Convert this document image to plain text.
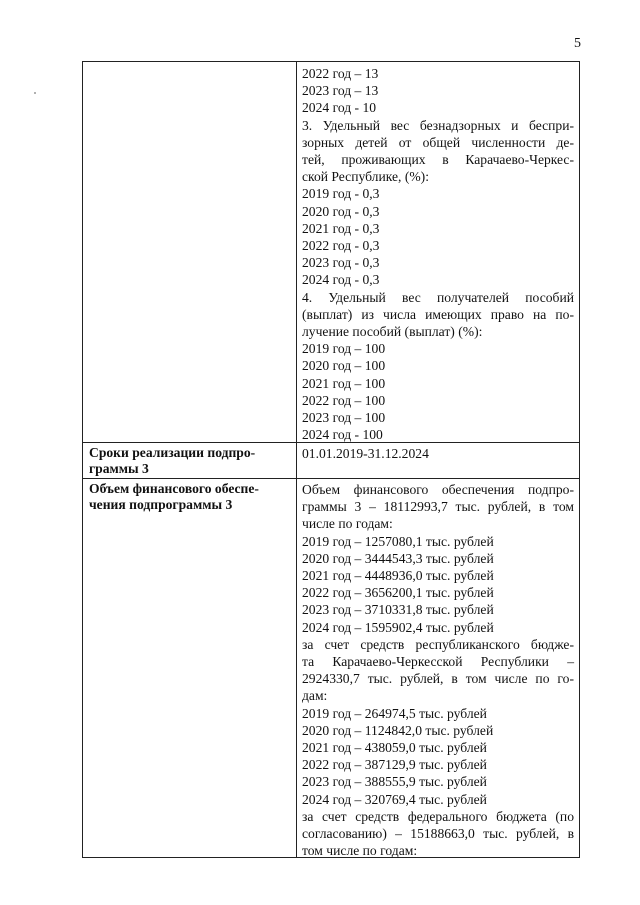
5
2022 год – 13
2023 год – 13
2024 год - 10
3. Удельный вес безнадзорных и беспри-
зорных детей от общей численности де-
тей, проживающих в Карачаево-Черкес-
ской Республике, (%):
2019 год - 0,3
2020 год - 0,3
2021 год - 0,3
2022 год - 0,3
2023 год - 0,3
2024 год - 0,3
4. Удельный вес получателей пособий
(выплат) из числа имеющих право на по-
лучение пособий (выплат) (%):
2019 год – 100
2020 год – 100
2021 год – 100
2022 год – 100
2023 год – 100
2024 год - 100
Сроки реализации подпро-
граммы 3
01.01.2019-31.12.2024
Объем финансового обеспе-
чения подпрограммы 3
Объем финансового обеспечения подпро-
граммы 3 – 18112993,7 тыс. рублей, в том
числе по годам:
2019 год – 1257080,1 тыс. рублей
2020 год – 3444543,3 тыс. рублей
2021 год – 4448936,0 тыс. рублей
2022 год – 3656200,1 тыс. рублей
2023 год – 3710331,8 тыс. рублей
2024 год – 1595902,4 тыс. рублей
за счет средств республиканского бюдже-
та Карачаево-Черкесской Республики –
2924330,7 тыс. рублей, в том числе по го-
дам:
2019 год – 264974,5 тыс. рублей
2020 год – 1124842,0 тыс. рублей
2021 год – 438059,0 тыс. рублей
2022 год – 387129,9 тыс. рублей
2023 год – 388555,9 тыс. рублей
2024 год – 320769,4 тыс. рублей
за счет средств федерального бюджета (по
согласованию) – 15188663,0 тыс. рублей, в
том числе по годам:
